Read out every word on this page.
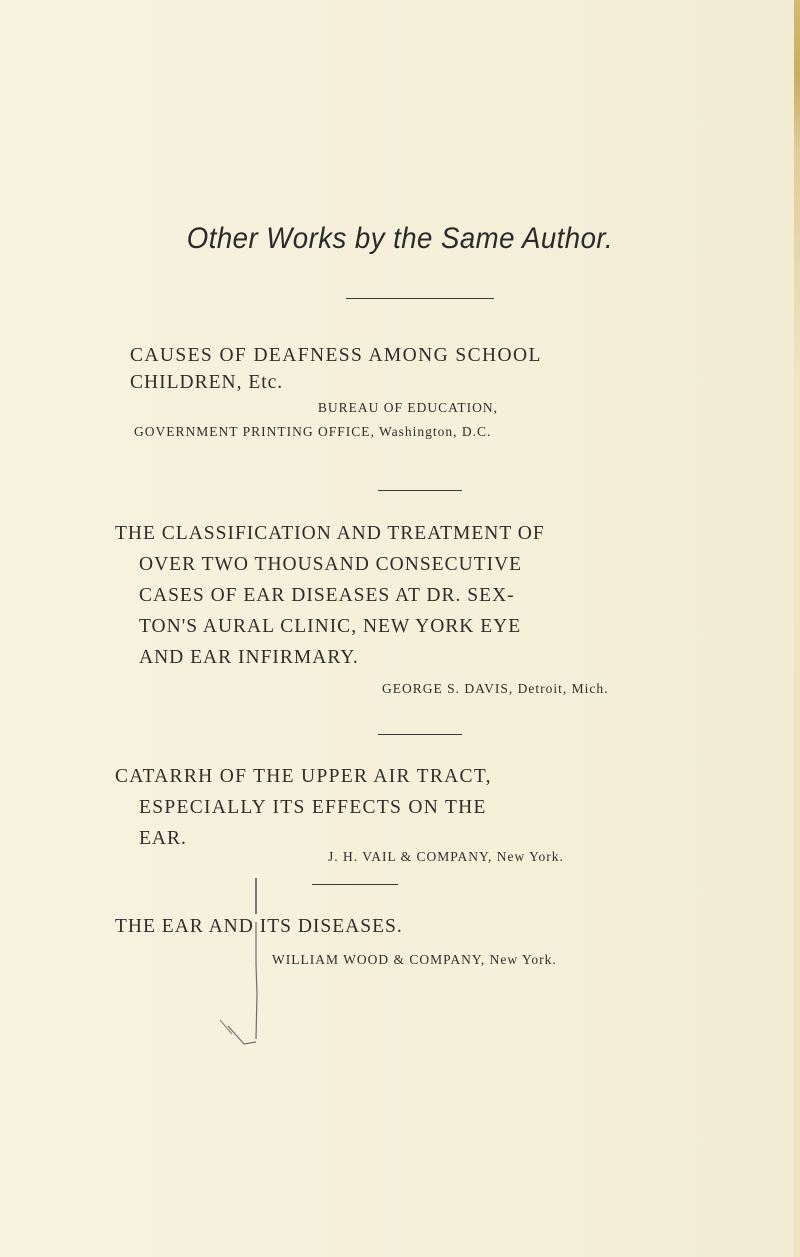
Other Works by the Same Author.
CAUSES OF DEAFNESS AMONG SCHOOL
CHILDREN, Etc.
BUREAU OF EDUCATION,
GOVERNMENT PRINTING OFFICE, Washington, D.C.
THE CLASSIFICATION AND TREATMENT OF
OVER TWO THOUSAND CONSECUTIVE
CASES OF EAR DISEASES AT DR. SEX-
TON'S AURAL CLINIC, NEW YORK EYE
AND EAR INFIRMARY.
GEORGE S. DAVIS, Detroit, Mich.
CATARRH OF THE UPPER AIR TRACT,
ESPECIALLY ITS EFFECTS ON THE
EAR.
J. H. VAIL & COMPANY, New York.
THE EAR AND ITS DISEASES.
WILLIAM WOOD & COMPANY, New York.
